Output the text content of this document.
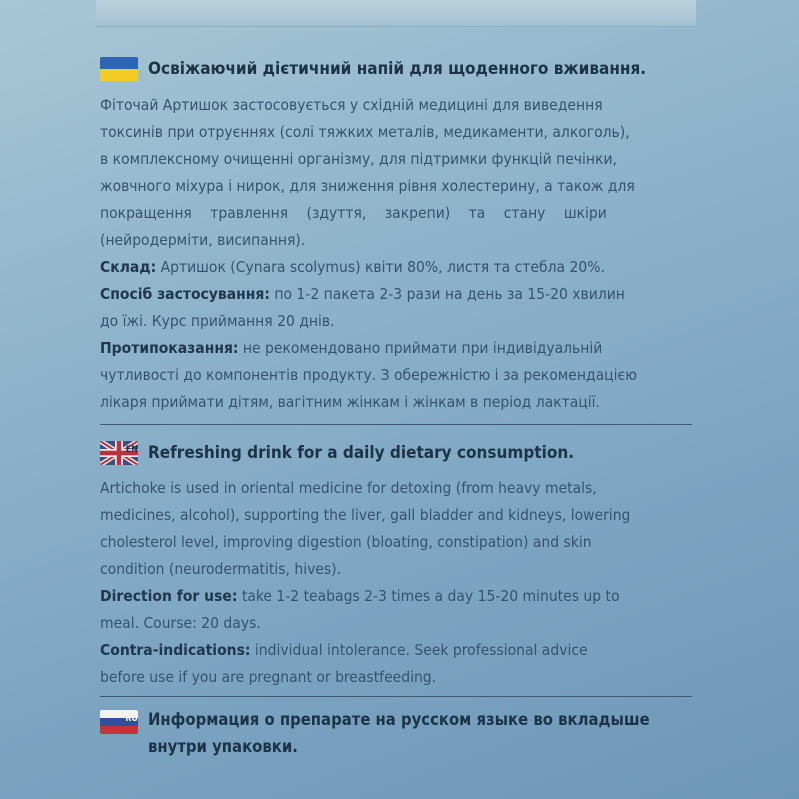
Освіжаючий дієтичний напій для щоденного вживання.
Фіточай Артишок застосовується у східній медицині для виведення
токсинів при отруєннях (солі тяжких металів, медикаменти, алкоголь),
в комплексному очищенні організму, для підтримки функцій печінки,
жовчного міхура і нирок, для зниження рівня холестерину, а також для
покращення травлення (здуття, закрепи) та стану шкіри
(нейродерміти, висипання).
Склад: Артишок (Cynara scolymus) квіти 80%, листя та стебла 20%.
Спосіб застосування: по 1-2 пакета 2-3 рази на день за 15-20 хвилин
до їжі. Курс приймання 20 днів.
Протипоказання: не рекомендовано приймати при індивідуальній
чутливості до компонентів продукту. З обережністю і за рекомендацією
лікаря приймати дітям, вагітним жінкам і жінкам в період лактації.
EN Refreshing drink for a daily dietary consumption.
Artichoke is used in oriental medicine for detoxing (from heavy metals,
medicines, alcohol), supporting the liver, gall bladder and kidneys, lowering
cholesterol level, improving digestion (bloating, constipation) and skin
condition (neurodermatitis, hives).
Direction for use: take 1-2 teabags 2-3 times a day 15-20 minutes up to
meal. Course: 20 days.
Contra-indications: individual intolerance. Seek professional advice
before use if you are pregnant or breastfeeding.
RU Информация о препарате на русском языке во вкладыше
внутри упаковки.
